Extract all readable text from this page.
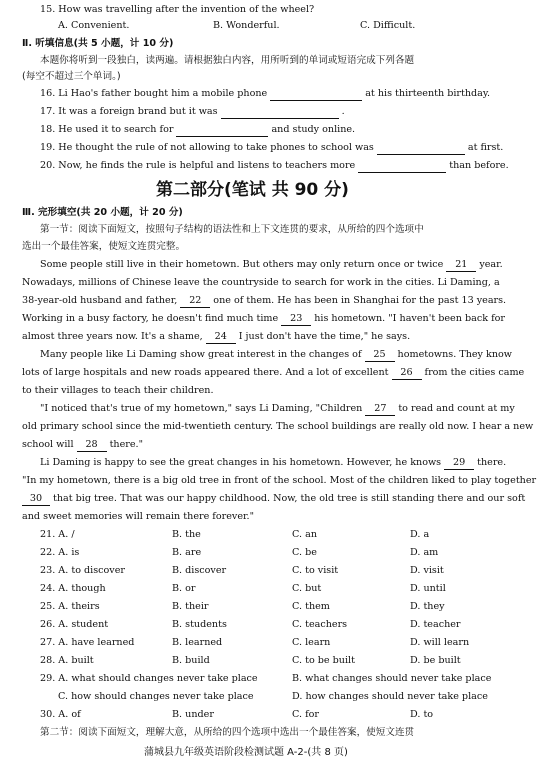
15. How was travelling after the invention of the wheel?
A. Convenient.	B. Wonderful.	C. Difficult.
Ⅱ. 听填信息(共 5 小题，计 10 分)
本题你将听到一段独白，读两遍。请根据独白内容，用所听到的单词或短语完成下列各题
(每空不超过三个单词。)
16. Li Hao's father bought him a mobile phone	at his thirteenth birthday.
17. It was a foreign brand but it was	.
18. He used it to search for	and study online.
19. He thought the rule of not allowing to take phones to school was	at first.
20. Now, he finds the rule is helpful and listens to teachers more	than before.
第二部分(笔试 共 90 分)
Ⅲ. 完形填空(共 20 小题，计 20 分)
第一节：阅读下面短文，按照句子结构的语法性和上下文连贯的要求，从所给的四个选项中
选出一个最佳答案，使短文连贯完整。
Some people still live in their hometown. But others may only return once or twice 21 year.
Nowadays, millions of Chinese leave the countryside to search for work in the cities. Li Daming, a
38-year-old husband and father, 22 one of them. He has been in Shanghai for the past 13 years.
Working in a busy factory, he doesn't find much time 23 his hometown. "I haven't been back for
almost three years now. It's a shame, 24 I just don't have the time," he says.
Many people like Li Daming show great interest in the changes of 25 hometowns. They know
lots of large hospitals and new roads appeared there. And a lot of excellent 26 from the cities came
to their villages to teach their children.
"I noticed that's true of my hometown," says Li Daming, "Children 27 to read and count at my
old primary school since the mid-twentieth century. The school buildings are really old now. I hear a new
school will 28 there."
Li Daming is happy to see the great changes in his hometown. However, he knows 29 there.
"In my hometown, there is a big old tree in front of the school. Most of the children liked to play together
30 that big tree. That was our happy childhood. Now, the old tree is still standing there and our soft
and sweet memories will remain there forever."
21. A. /	B. the	C. an	D. a
22. A. is	B. are	C. be	D. am
23. A. to discover	B. discover	C. to visit	D. visit
24. A. though	B. or	C. but	D. until
25. A. theirs	B. their	C. them	D. they
26. A. student	B. students	C. teachers	D. teacher
27. A. have learned	B. learned	C. learn	D. will learn
28. A. built	B. build	C. to be built	D. be built
29. A. what should changes never take place	B. what changes should never take place
C. how should changes never take place	D. how changes should never take place
30. A. of	B. under	C. for	D. to
第二节：阅读下面短文，理解大意，从所给的四个选项中选出一个最佳答案，使短文连贯
蒲城县九年级英语阶段检测试题 A-2-(共 8 页)
